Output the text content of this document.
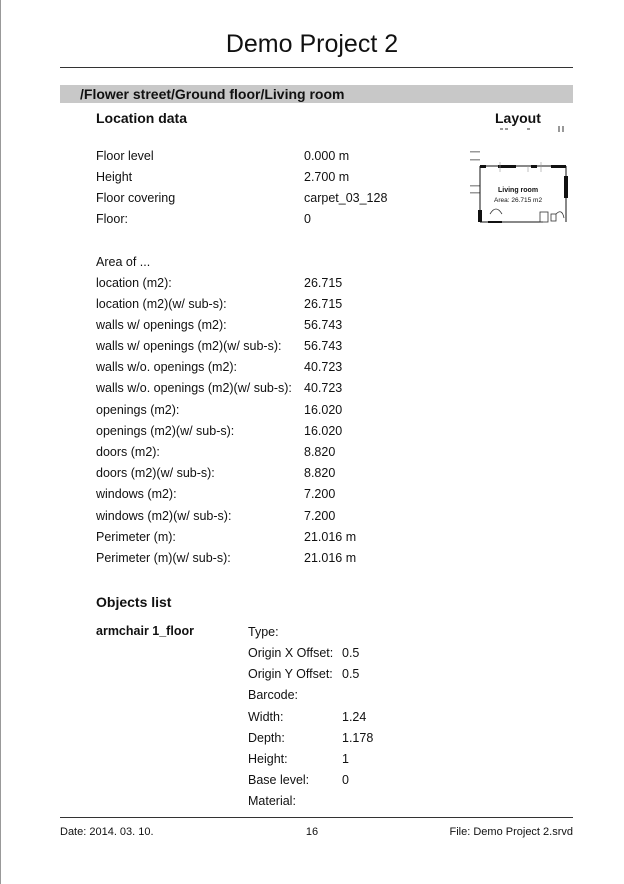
Demo Project 2
/Flower street/Ground floor/Living room
Location data	Layout
Living room
Area: 26.715 m2
Floor level	0.000 m
Height	2.700 m
Floor covering	carpet_03_128
Floor:	0
Area of ...
location (m2):	26.715
location (m2)(w/ sub-s):	26.715
walls w/ openings (m2):	56.743
walls w/ openings (m2)(w/ sub-s): 56.743
walls w/o. openings (m2):	40.723
walls w/o. openings (m2)(w/ sub-s): 40.723
openings (m2):	16.020
openings (m2)(w/ sub-s):	16.020
doors (m2):	8.820
doors (m2)(w/ sub-s):	8.820
windows (m2):	7.200
windows (m2)(w/ sub-s):	7.200
Perimeter (m):	21.016 m
Perimeter (m)(w/ sub-s):	21.016 m
Objects list
armchair 1_floor	Type:
Origin X Offset: 0.5
Origin Y Offset: 0.5
Barcode:
Width:	1.24
Depth:	1.178
Height:	1
Base level:	0
Material:
Date: 2014. 03. 10.	16	File: Demo Project 2.srvd
